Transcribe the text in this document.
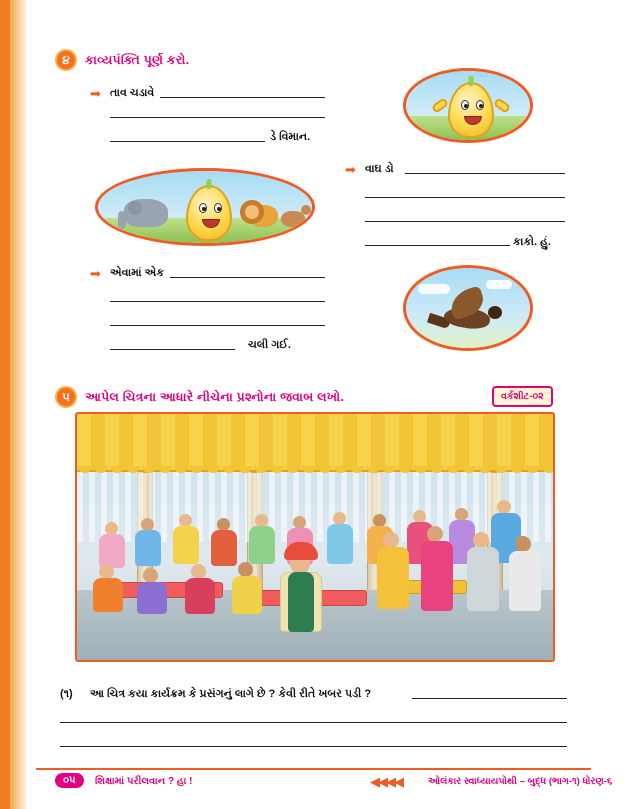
૪	કાવ્યપંક્તિ પૂર્ણ કરો.
➡ તાવ ચડાવે
ડે વિમાન.
➡ વાઘ ડો
કાકો. હું.
➡ એવામાં એક
ચલી ગઈ.
૫	આપેલ ચિત્રના આધારે નીચેના પ્રશ્નોના જવાબ લખો.	વર્કશીટ-૦૨
(૧) આ ચિત્ર કયા કાર્યક્રમ કે પ્રસંગનું લાગે છે ? કેવી રીતે ખબર પડી ?
૦૫	શિક્ષામાં પરીલવાન ? હા !	◀◀◀◀	ઓલંકાર સ્વાધ્યાયપોથી – બુદ્ધ (ભાગ-૧) ધોરણ-૬
